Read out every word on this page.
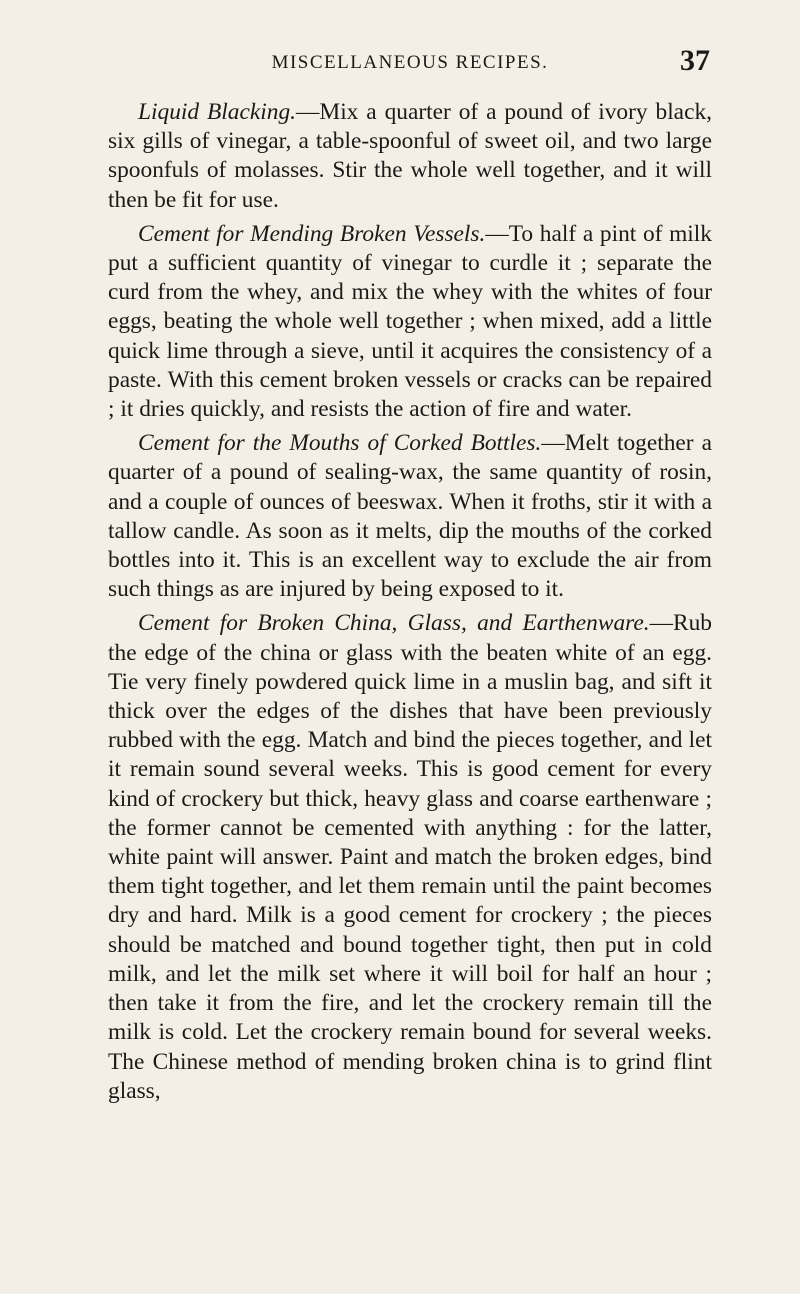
MISCELLANEOUS RECIPES.	37

Liquid Blacking.—Mix a quarter of a pound of ivory black, six gills of vinegar, a table-spoonful of sweet oil, and two large spoonfuls of molasses. Stir the whole well together, and it will then be fit for use.

Cement for Mending Broken Vessels.—To half a pint of milk put a sufficient quantity of vinegar to curdle it ; separate the curd from the whey, and mix the whey with the whites of four eggs, beating the whole well together ; when mixed, add a little quick lime through a sieve, until it acquires the consistency of a paste. With this cement broken vessels or cracks can be repaired ; it dries quickly, and resists the action of fire and water.

Cement for the Mouths of Corked Bottles.—Melt together a quarter of a pound of sealing-wax, the same quantity of rosin, and a couple of ounces of beeswax. When it froths, stir it with a tallow candle. As soon as it melts, dip the mouths of the corked bottles into it. This is an excellent way to exclude the air from such things as are injured by being exposed to it.

Cement for Broken China, Glass, and Earthenware.—Rub the edge of the china or glass with the beaten white of an egg. Tie very finely powdered quick lime in a muslin bag, and sift it thick over the edges of the dishes that have been previously rubbed with the egg. Match and bind the pieces together, and let it remain sound several weeks. This is good cement for every kind of crockery but thick, heavy glass and coarse earthenware ; the former cannot be cemented with anything : for the latter, white paint will answer. Paint and match the broken edges, bind them tight together, and let them remain until the paint becomes dry and hard. Milk is a good cement for crockery ; the pieces should be matched and bound together tight, then put in cold milk, and let the milk set where it will boil for half an hour ; then take it from the fire, and let the crockery remain till the milk is cold. Let the crockery remain bound for several weeks. The Chinese method of mending broken china is to grind flint glass,
